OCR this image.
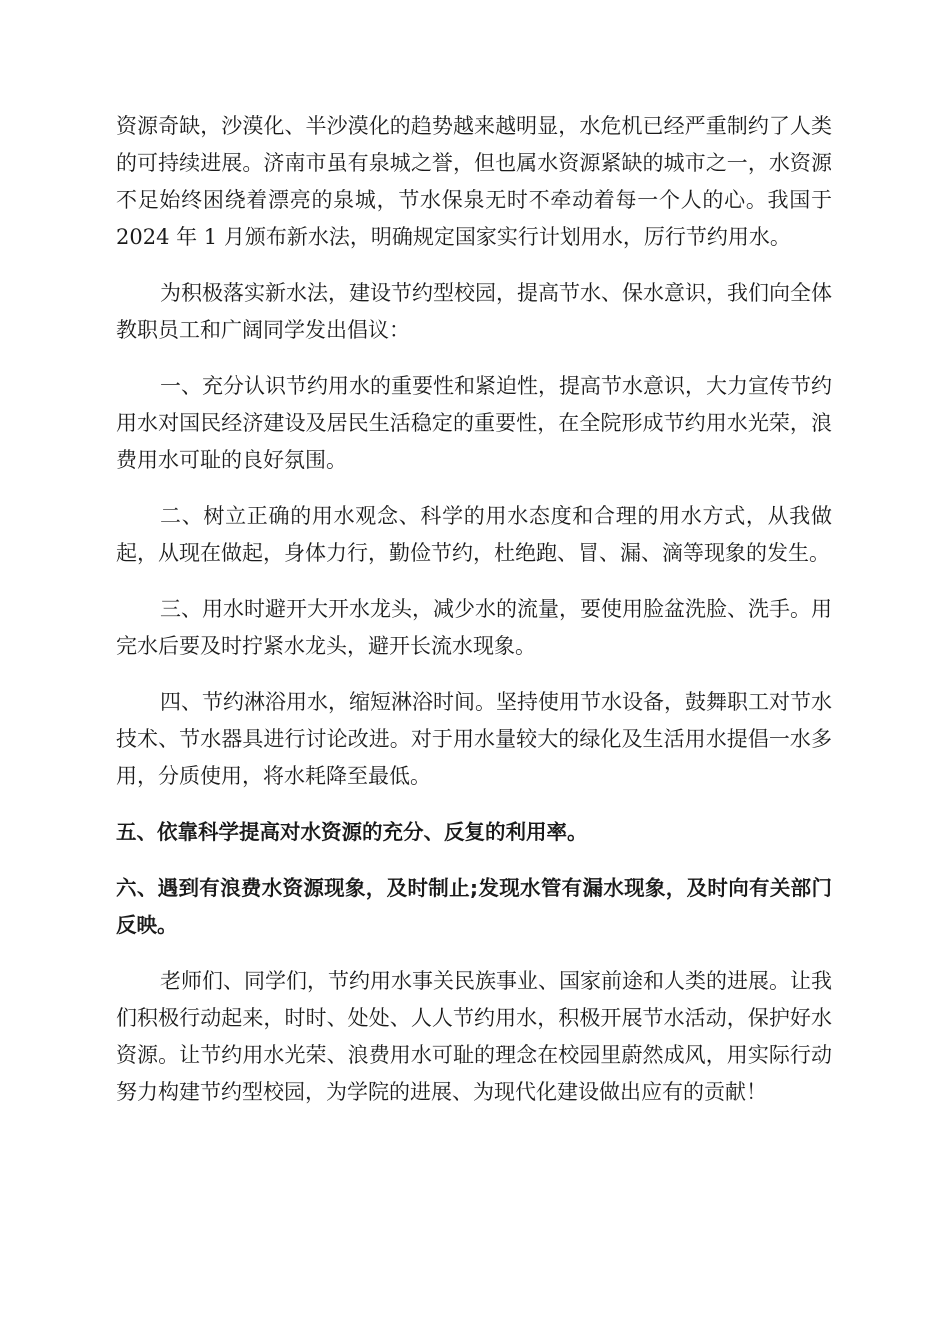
资源奇缺，沙漠化、半沙漠化的趋势越来越明显，水危机已经严重制约了人类的可持续进展。济南市虽有泉城之誉，但也属水资源紧缺的城市之一，水资源不足始终困绕着漂亮的泉城，节水保泉无时不牵动着每一个人的心。我国于 2024 年 1 月颁布新水法，明确规定国家实行计划用水，厉行节约用水。

为积极落实新水法，建设节约型校园，提高节水、保水意识，我们向全体教职员工和广阔同学发出倡议：

一、充分认识节约用水的重要性和紧迫性，提高节水意识，大力宣传节约用水对国民经济建设及居民生活稳定的重要性，在全院形成节约用水光荣，浪费用水可耻的良好氛围。

二、树立正确的用水观念、科学的用水态度和合理的用水方式，从我做起，从现在做起，身体力行，勤俭节约，杜绝跑、冒、漏、滴等现象的发生。

三、用水时避开大开水龙头，减少水的流量，要使用脸盆洗脸、洗手。用完水后要及时拧紧水龙头，避开长流水现象。

四、节约淋浴用水，缩短淋浴时间。坚持使用节水设备，鼓舞职工对节水技术、节水器具进行讨论改进。对于用水量较大的绿化及生活用水提倡一水多用，分质使用，将水耗降至最低。

五、依靠科学提高对水资源的充分、反复的利用率。

六、遇到有浪费水资源现象，及时制止;发现水管有漏水现象，及时向有关部门反映。

老师们、同学们，节约用水事关民族事业、国家前途和人类的进展。让我们积极行动起来，时时、处处、人人节约用水，积极开展节水活动，保护好水资源。让节约用水光荣、浪费用水可耻的理念在校园里蔚然成风，用实际行动努力构建节约型校园，为学院的进展、为现代化建设做出应有的贡献！
